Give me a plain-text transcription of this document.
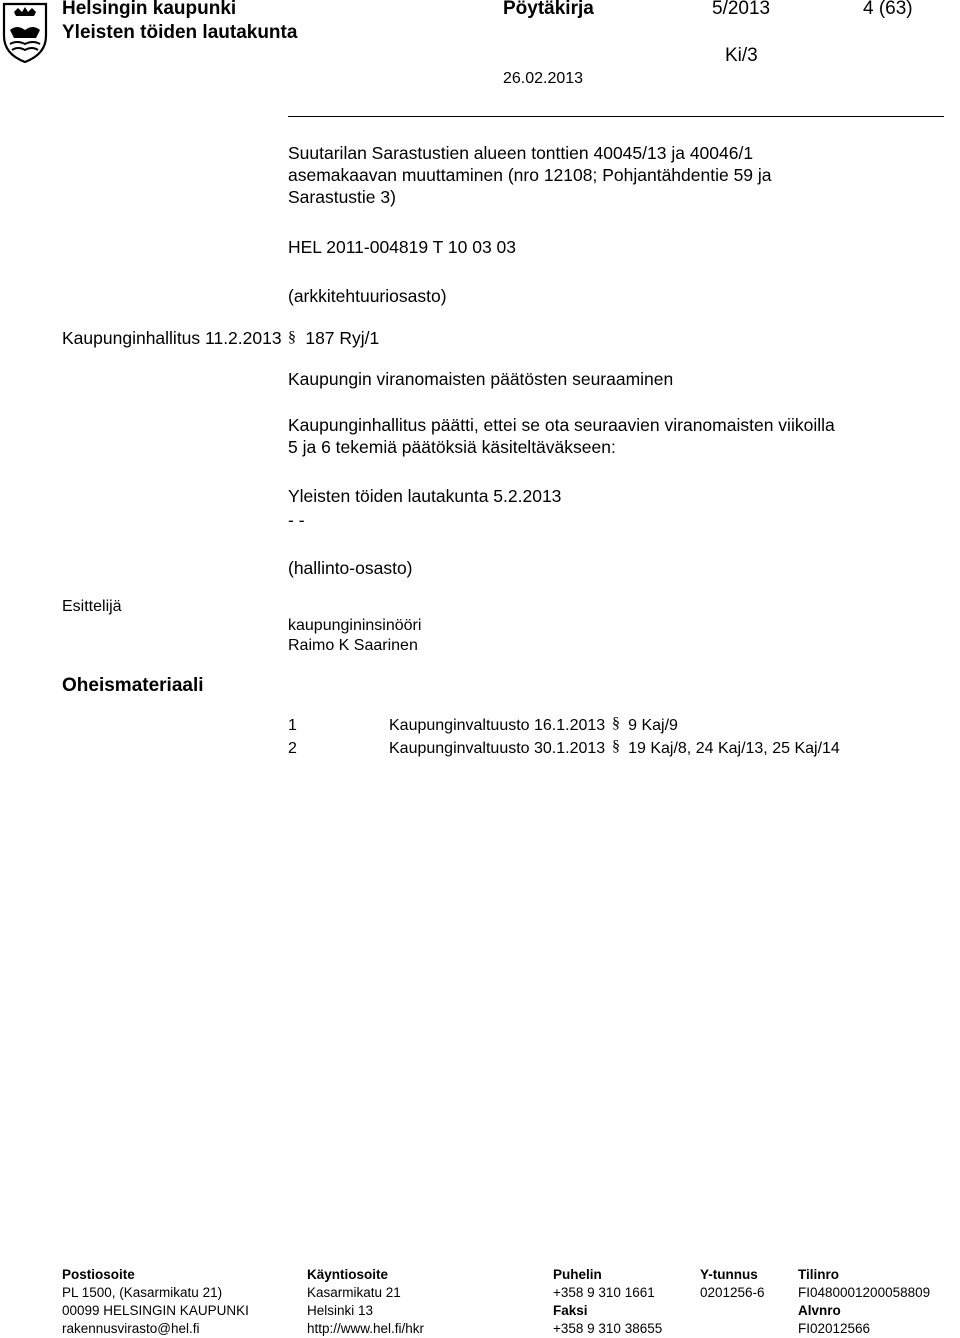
Helsingin kaupunki
Yleisten töiden lautakunta
Pöytäkirja	5/2013	4 (63)
Ki/3
26.02.2013
Suutarilan Sarastustien alueen tonttien 40045/13 ja 40046/1
asemakaavan muuttaminen (nro 12108; Pohjantähdentie 59 ja
Sarastustie 3)
HEL 2011-004819 T 10 03 03
(arkkitehtuuriosasto)
Kaupunginhallitus 11.2.2013 § 187 Ryj/1
Kaupungin viranomaisten päätösten seuraaminen
Kaupunginhallitus päätti, ettei se ota seuraavien viranomaisten viikoilla
5 ja 6 tekemiä päätöksiä käsiteltäväkseen:
Yleisten töiden lautakunta 5.2.2013
- -
(hallinto-osasto)
Esittelijä
kaupungininsinööri
Raimo K Saarinen
Oheismateriaali
1	Kaupunginvaltuusto 16.1.2013 § 9 Kaj/9
2	Kaupunginvaltuusto 30.1.2013 § 19 Kaj/8, 24 Kaj/13, 25 Kaj/14
Postiosoite
PL 1500, (Kasarmikatu 21)
00099 HELSINGIN KAUPUNKI
rakennusvirasto@hel.fi
Käyntiosoite
Kasarmikatu 21
Helsinki 13
http://www.hel.fi/hkr
Puhelin
+358 9 310 1661
Faksi
+358 9 310 38655
Y-tunnus
0201256-6
Tilinro
FI0480001200058809
Alvnro
FI02012566
